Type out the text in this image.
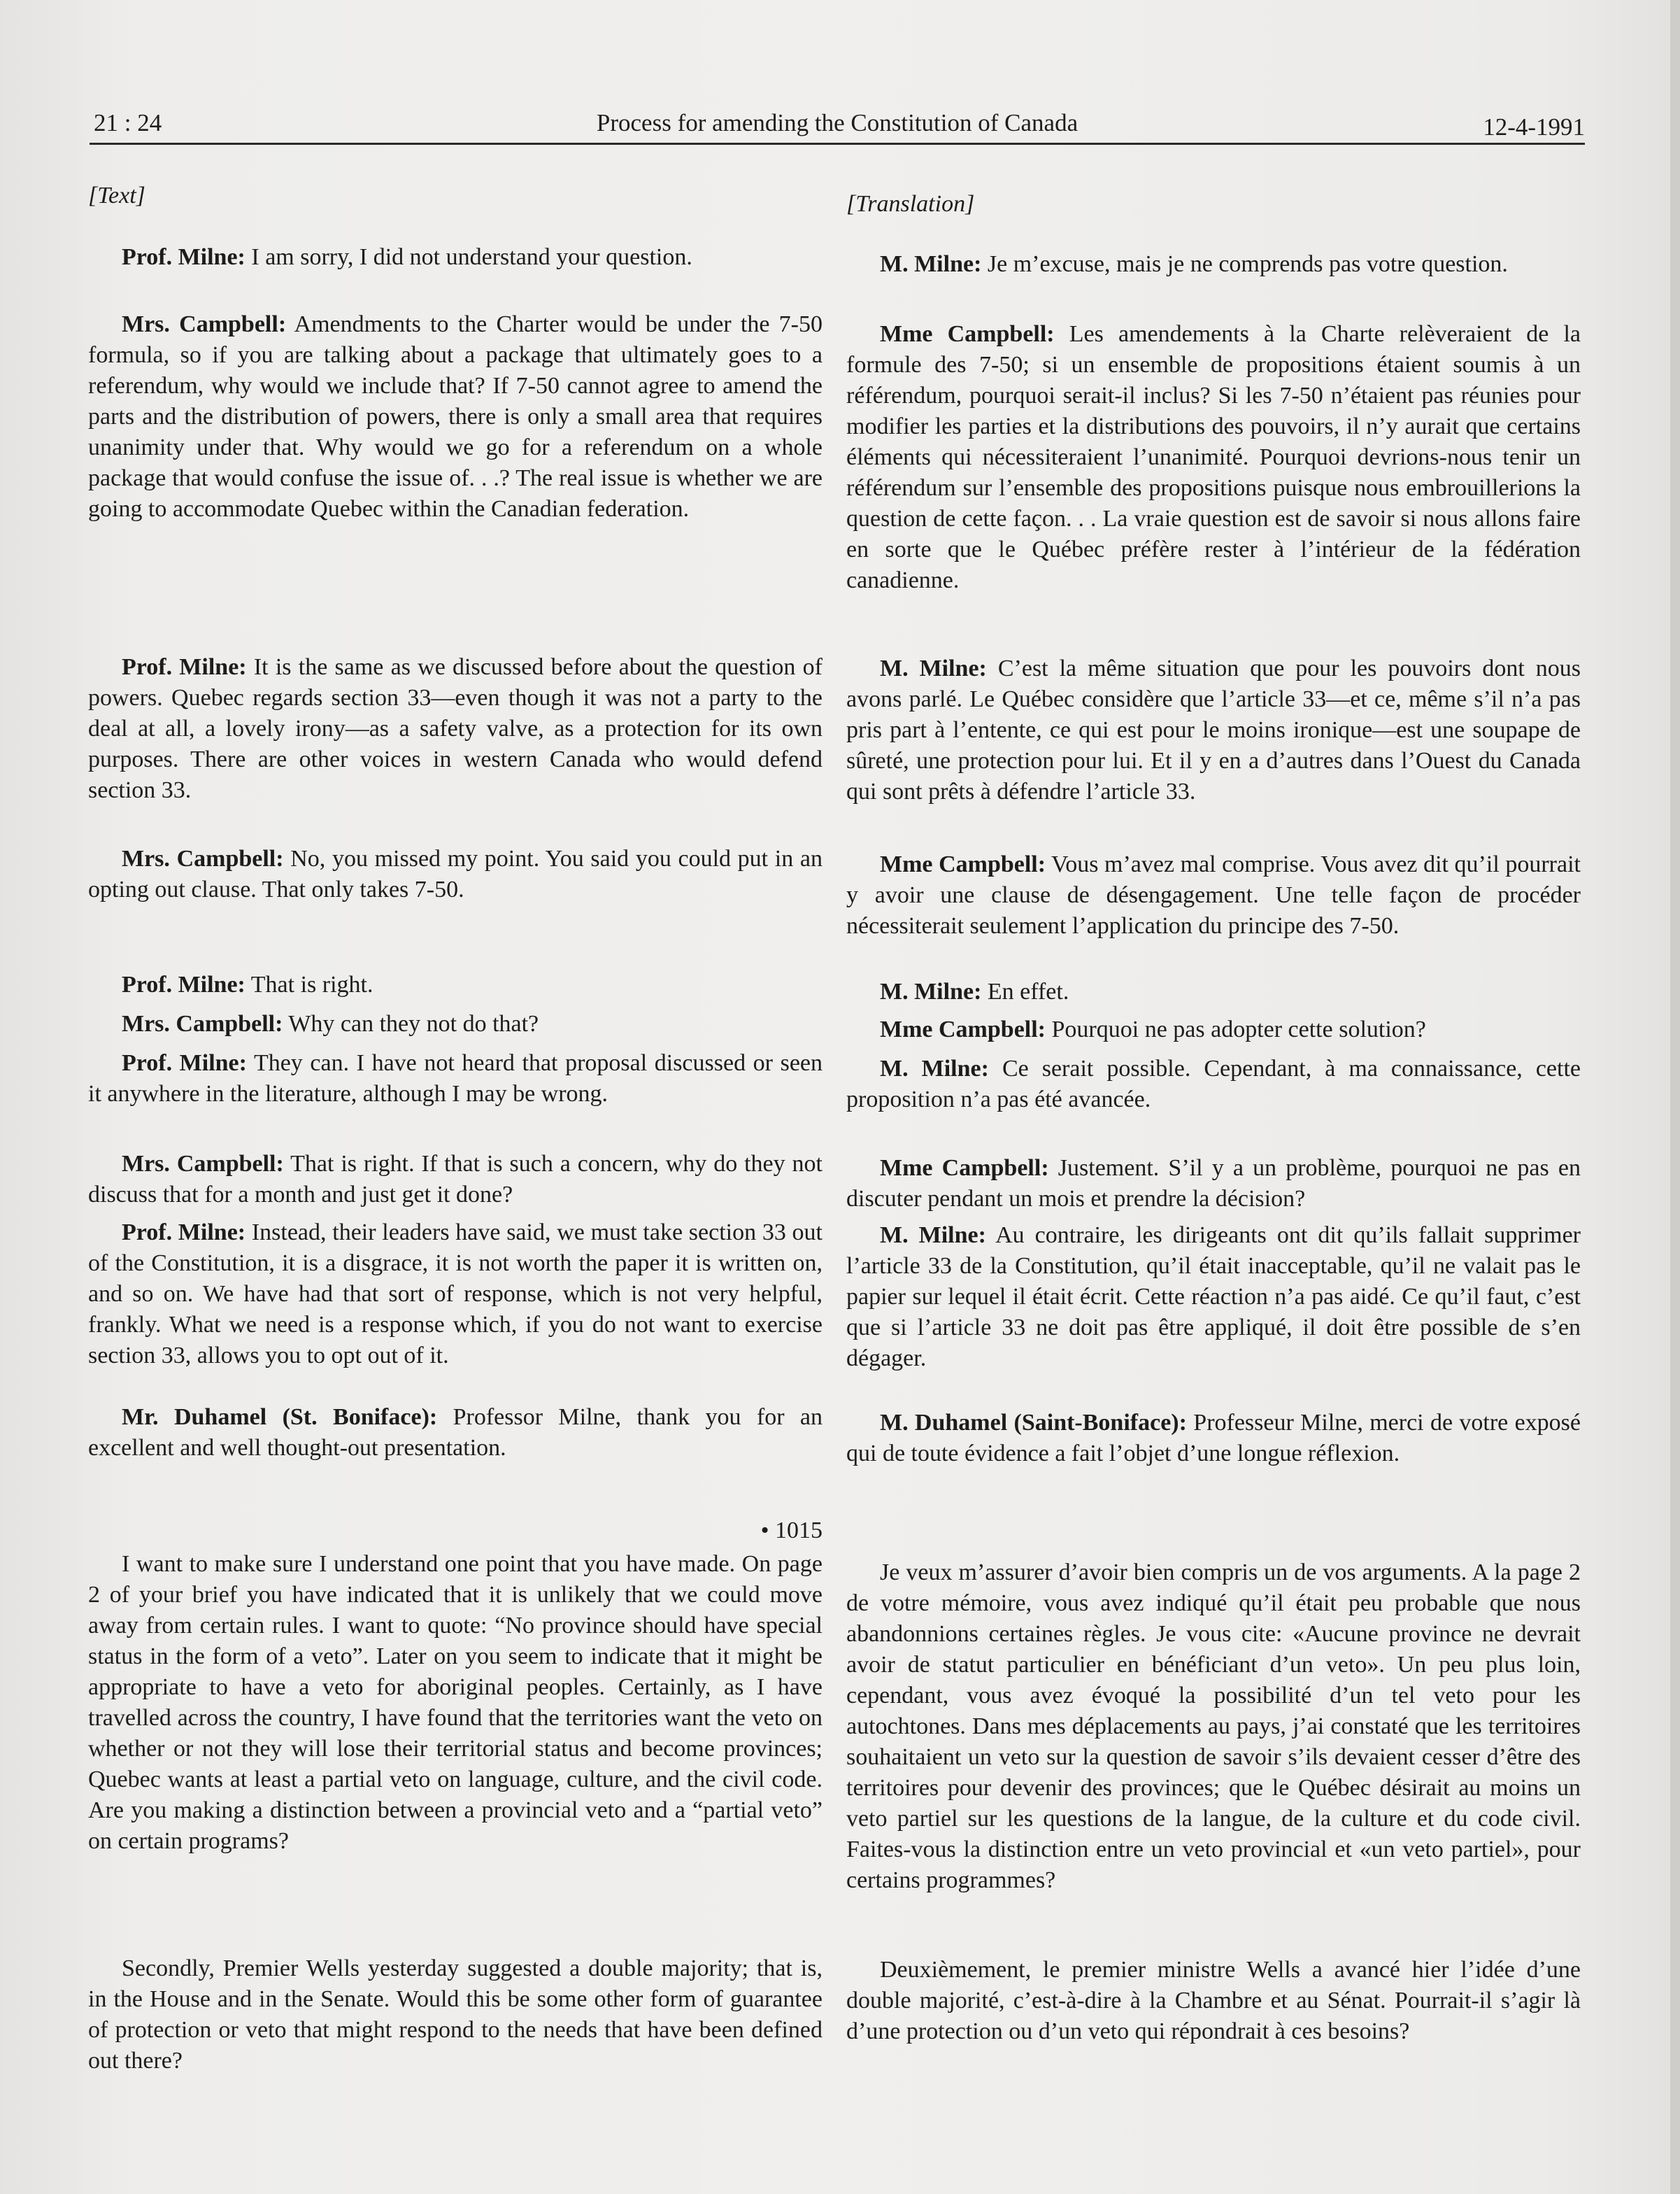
21 : 24	Process for amending the Constitution of Canada	12-4-1991
[Text]
Prof. Milne: I am sorry, I did not understand your question.
Mrs. Campbell: Amendments to the Charter would be under the 7-50 formula, so if you are talking about a package that ultimately goes to a referendum, why would we include that? If 7-50 cannot agree to amend the parts and the distribution of powers, there is only a small area that requires unanimity under that. Why would we go for a referendum on a whole package that would confuse the issue of. . .? The real issue is whether we are going to accommodate Quebec within the Canadian federation.
Prof. Milne: It is the same as we discussed before about the question of powers. Quebec regards section 33—even though it was not a party to the deal at all, a lovely irony—as a safety valve, as a protection for its own purposes. There are other voices in western Canada who would defend section 33.
Mrs. Campbell: No, you missed my point. You said you could put in an opting out clause. That only takes 7-50.
Prof. Milne: That is right.
Mrs. Campbell: Why can they not do that?
Prof. Milne: They can. I have not heard that proposal discussed or seen it anywhere in the literature, although I may be wrong.
Mrs. Campbell: That is right. If that is such a concern, why do they not discuss that for a month and just get it done?
Prof. Milne: Instead, their leaders have said, we must take section 33 out of the Constitution, it is a disgrace, it is not worth the paper it is written on, and so on. We have had that sort of response, which is not very helpful, frankly. What we need is a response which, if you do not want to exercise section 33, allows you to opt out of it.
Mr. Duhamel (St. Boniface): Professor Milne, thank you for an excellent and well thought-out presentation.
• 1015
I want to make sure I understand one point that you have made. On page 2 of your brief you have indicated that it is unlikely that we could move away from certain rules. I want to quote: “No province should have special status in the form of a veto”. Later on you seem to indicate that it might be appropriate to have a veto for aboriginal peoples. Certainly, as I have travelled across the country, I have found that the territories want the veto on whether or not they will lose their territorial status and become provinces; Quebec wants at least a partial veto on language, culture, and the civil code. Are you making a distinction between a provincial veto and a “partial veto” on certain programs?
Secondly, Premier Wells yesterday suggested a double majority; that is, in the House and in the Senate. Would this be some other form of guarantee of protection or veto that might respond to the needs that have been defined out there?
[Translation]
M. Milne: Je m’excuse, mais je ne comprends pas votre question.
Mme Campbell: Les amendements à la Charte relèveraient de la formule des 7-50; si un ensemble de propositions étaient soumis à un référendum, pourquoi serait-il inclus? Si les 7-50 n’étaient pas réunies pour modifier les parties et la distributions des pouvoirs, il n’y aurait que certains éléments qui nécessiteraient l’unanimité. Pourquoi devrions-nous tenir un référendum sur l’ensemble des propositions puisque nous embrouillerions la question de cette façon. . . La vraie question est de savoir si nous allons faire en sorte que le Québec préfère rester à l’intérieur de la fédération canadienne.
M. Milne: C’est la même situation que pour les pouvoirs dont nous avons parlé. Le Québec considère que l’article 33—et ce, même s’il n’a pas pris part à l’entente, ce qui est pour le moins ironique—est une soupape de sûreté, une protection pour lui. Et il y en a d’autres dans l’Ouest du Canada qui sont prêts à défendre l’article 33.
Mme Campbell: Vous m’avez mal comprise. Vous avez dit qu’il pourrait y avoir une clause de désengagement. Une telle façon de procéder nécessiterait seulement l’application du principe des 7-50.
M. Milne: En effet.
Mme Campbell: Pourquoi ne pas adopter cette solution?
M. Milne: Ce serait possible. Cependant, à ma connaissance, cette proposition n’a pas été avancée.
Mme Campbell: Justement. S’il y a un problème, pourquoi ne pas en discuter pendant un mois et prendre la décision?
M. Milne: Au contraire, les dirigeants ont dit qu’ils fallait supprimer l’article 33 de la Constitution, qu’il était inacceptable, qu’il ne valait pas le papier sur lequel il était écrit. Cette réaction n’a pas aidé. Ce qu’il faut, c’est que si l’article 33 ne doit pas être appliqué, il doit être possible de s’en dégager.
M. Duhamel (Saint-Boniface): Professeur Milne, merci de votre exposé qui de toute évidence a fait l’objet d’une longue réflexion.
Je veux m’assurer d’avoir bien compris un de vos arguments. A la page 2 de votre mémoire, vous avez indiqué qu’il était peu probable que nous abandonnions certaines règles. Je vous cite: «Aucune province ne devrait avoir de statut particulier en bénéficiant d’un veto». Un peu plus loin, cependant, vous avez évoqué la possibilité d’un tel veto pour les autochtones. Dans mes déplacements au pays, j’ai constaté que les territoires souhaitaient un veto sur la question de savoir s’ils devaient cesser d’être des territoires pour devenir des provinces; que le Québec désirait au moins un veto partiel sur les questions de la langue, de la culture et du code civil. Faites-vous la distinction entre un veto provincial et «un veto partiel», pour certains programmes?
Deuxièmement, le premier ministre Wells a avancé hier l’idée d’une double majorité, c’est-à-dire à la Chambre et au Sénat. Pourrait-il s’agir là d’une protection ou d’un veto qui répondrait à ces besoins?
